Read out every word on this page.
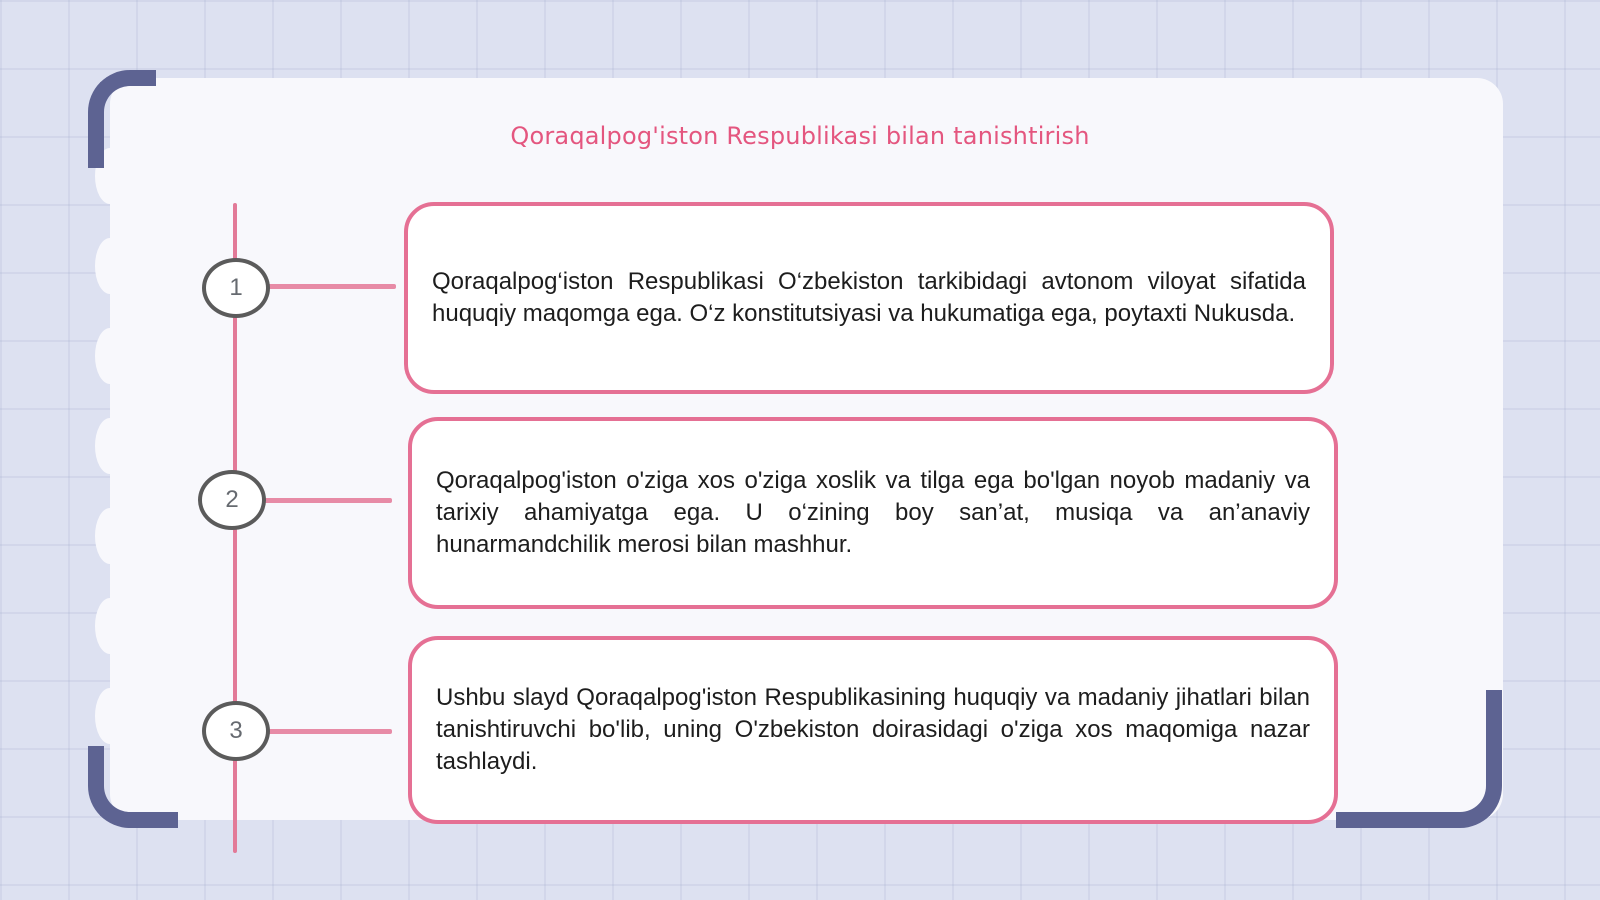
Qoraqalpog'iston Respublikasi bilan tanishtirish
1
2
3

Qoraqalpog‘iston Respublikasi O‘zbekiston tarkibidagi avtonom viloyat sifatida huquqiy maqomga ega. O‘z konstitutsiyasi va hukumatiga ega, poytaxti Nukusda.

Qoraqalpog'iston o'ziga xos o'ziga xoslik va tilga ega bo'lgan noyob madaniy va tarixiy ahamiyatga ega. U o‘zining boy san’at, musiqa va an’anaviy hunarmandchilik merosi bilan mashhur.

Ushbu slayd Qoraqalpog'iston Respublikasining huquqiy va madaniy jihatlari bilan tanishtiruvchi bo'lib, uning O'zbekiston doirasidagi o'ziga xos maqomiga nazar tashlaydi.
